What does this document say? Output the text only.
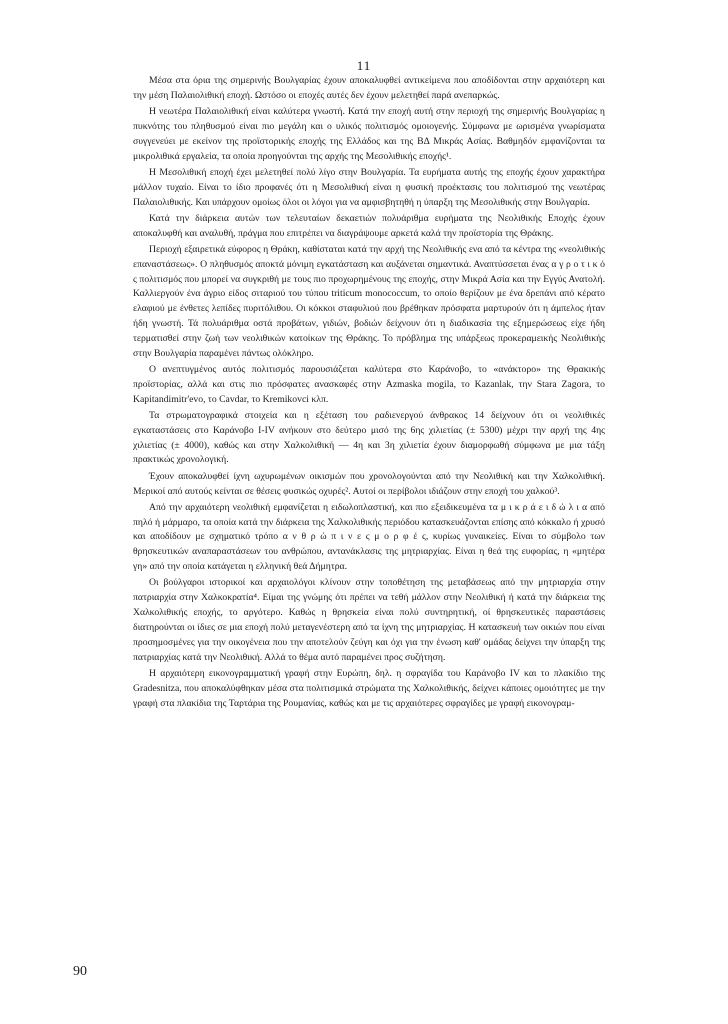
11

Μέσα στα όρια της σημερινής Βουλγαρίας έχουν αποκαλυφθεί αντικείμενα που αποδίδονται στην αρχαιότερη και την μέση Παλαιολιθική εποχή. Ωστόσο οι εποχές αυτές δεν έχουν μελετηθεί παρά ανεπαρκώς.

Η νεωτέρα Παλαιολιθική είναι καλύτερα γνωστή. Κατά την εποχή αυτή στην περιοχή της σημερινής Βουλγαρίας η πυκνότης του πληθυσμού είναι πιο μεγάλη και ο υλικός πολιτισμός ομοιογενής. Σύμφωνα με ωρισμένα γνωρίσματα συγγενεύει με εκείνον της προϊστορικής εποχής της Ελλάδος και της ΒΔ Μικράς Ασίας. Βαθμηδόν εμφανίζονται τα μικρολιθικά εργαλεία, τα οποία προηγούνται της αρχής της Μεσολιθικής εποχής¹.

Η Μεσολιθική εποχή έχει μελετηθεί πολύ λίγο στην Βουλγαρία. Τα ευρήματα αυτής της εποχής έχουν χαρακτήρα μάλλον τυχαίο. Είναι το ίδιο προφανές ότι η Μεσολιθική είναι η φυσική προέκτασις του πολιτισμού της νεωτέρας Παλαιολιθικής. Και υπάρχουν ομοίως όλοι οι λόγοι για να αμφισβητηθή η ύπαρξη της Μεσολιθικής στην Βουλγαρία.

Κατά την διάρκεια αυτών των τελευταίων δεκαετιών πολυάριθμα ευρήματα της Νεολιθικής Εποχής έχουν αποκαλυφθή και αναλυθή, πράγμα που επιτρέπει να διαγράψουμε αρκετά καλά την προϊστορία της Θράκης.

Περιοχή εξαιρετικά εύφορος η Θράκη, καθίσταται κατά την αρχή της Νεολιθικής ενα από τα κέντρα της «νεολιθικής επαναστάσεως». Ο πληθυσμός αποκτά μόνιμη εγκατάσταση και αυξάνεται σημαντικά. Αναπτύσσεται ένας α γ ρ ο τ ι κ ό ς πολιτισμός που μπορεί να συγκριθή με τους πιο προχωρημένους της εποχής, στην Μικρά Ασία και την Εγγύς Ανατολή. Καλλιεργούν ένα άγριο είδος σιταριού του τύπου triticum monococcum, το οποίο θερίζουν με ένα δρεπάνι από κέρατο ελαφιού με ένθετες λεπίδες πυριτόλιθου. Οι κόκκοι σταφυλιού που βρέθηκαν πρόσφατα μαρτυρούν ότι η άμπελος ήταν ήδη γνωστή. Τά πολυάριθμα οστά προβάτων, γιδιών, βοδιών δείχνουν ότι η διαδικασία της εξημερώσεως είχε ήδη τερματισθεί στην ζωή των νεολιθικών κατοίκων της Θράκης. Το πρόβλημα της υπάρξεως προκεραμεικής Νεολιθικής στην Βουλγαρία παραμένει πάντως ολόκληρο.

Ο ανεπτυγμένος αυτός πολιτισμός παρουσιάζεται καλύτερα στο Καράνοβο, το «ανάκτορο» της Θρακικής προϊστορίας, αλλά και στις πιο πρόσφατες ανασκαφές στην Azmaska mogila, το Kazanlak, την Stara Zagora, το Kapitandimitr'evo, το Cavdar, το Kremikovci κλπ.

Τα στρωματογραφικά στοιχεία και η εξέταση του ραδιενεργού άνθρακος 14 δείχνουν ότι οι νεολιθικές εγκαταστάσεις στο Καράνοβο I-IV ανήκουν στο δεύτερο μισό της 6ης χιλιετίας (± 5300) μέχρι την αρχή της 4ης χιλιετίας (± 4000), καθώς και στην Χαλκολιθική — 4η και 3η χιλιετία έχουν διαμορφωθή σύμφωνα με μια τάξη πρακτικώς χρονολογική.

Έχουν αποκαλυφθεί ίχνη ωχυρωμένων οικισμών που χρονολογούνται από την Νεολιθική και την Χαλκολιθική. Μερικοί από αυτούς κείνται σε θέσεις φυσικώς οχυρές². Αυτοί οι περίβολοι ιδιάζουν στην εποχή του χαλκού³.

Από την αρχαιότερη νεολιθική εμφανίζεται η ειδωλοπλαστική, και πιο εξειδικευμένα τα μ ι κ ρ ά ε ι δ ώ λ ι α από πηλό ή μάρμαρο, τα οποία κατά την διάρκεια της Χαλκολιθικής περιόδου κατασκευάζονται επίσης από κόκκαλο ή χρυσό και αποδίδουν με σχηματικό τρόπο α ν θ ρ ώ π ι ν ε ς μ ο ρ φ έ ς, κυρίως γυναικείες. Είναι το σύμβολο των θρησκευτικών αναπαραστάσεων του ανθρώπου, αντανάκλασις της μητριαρχίας. Είναι η θεά της ευφορίας, η «μητέρα γη» από την οποία κατάγεται η ελληνική θεά Δήμητρα.

Οι βούλγαροι ιστορικοί και αρχαιολόγοι κλίνουν στην τοποθέτηση της μεταβάσεως από την μητριαρχία στην πατριαρχία στην Χαλκοκρατία⁴. Είμαι της γνώμης ότι πρέπει να τεθή μάλλον στην Νεολιθική ή κατά την διάρκεια της Χαλκολιθικής εποχής, το αργότερο. Καθώς η θρησκεία είναι πολύ συντηρητική, οί θρησκευτικές παραστάσεις διατηρούνται οι ίδιες σε μια εποχή πολύ μεταγενέστερη από τα ίχνη της μητριαρχίας. Η κατασκευή των οικιών που είναι προσημοσμένες για την οικογένεια που την αποτελούν ζεύγη και όχι για την ένωση καθ' ομάδας δείχνει την ύπαρξη της πατριαρχίας κατά την Νεολιθική. Αλλά το θέμα αυτό παραμένει προς συζήτηση.

Η αρχαιότερη εικονογραμματική γραφή στην Ευρώπη, δηλ. η σφραγίδα του Καράνοβο IV και το πλακίδιο της Gradesnitza, που αποκαλύφθηκαν μέσα στα πολιτισμικά στρώματα της Χαλκολιθικής, δείχνει κάποιες ομοιότητες με την γραφή στα πλακίδια της Ταρτάρια της Ρουμανίας, καθώς και με τις αρχαιότερες σφραγίδες με γραφή εικονογραμ-

90
